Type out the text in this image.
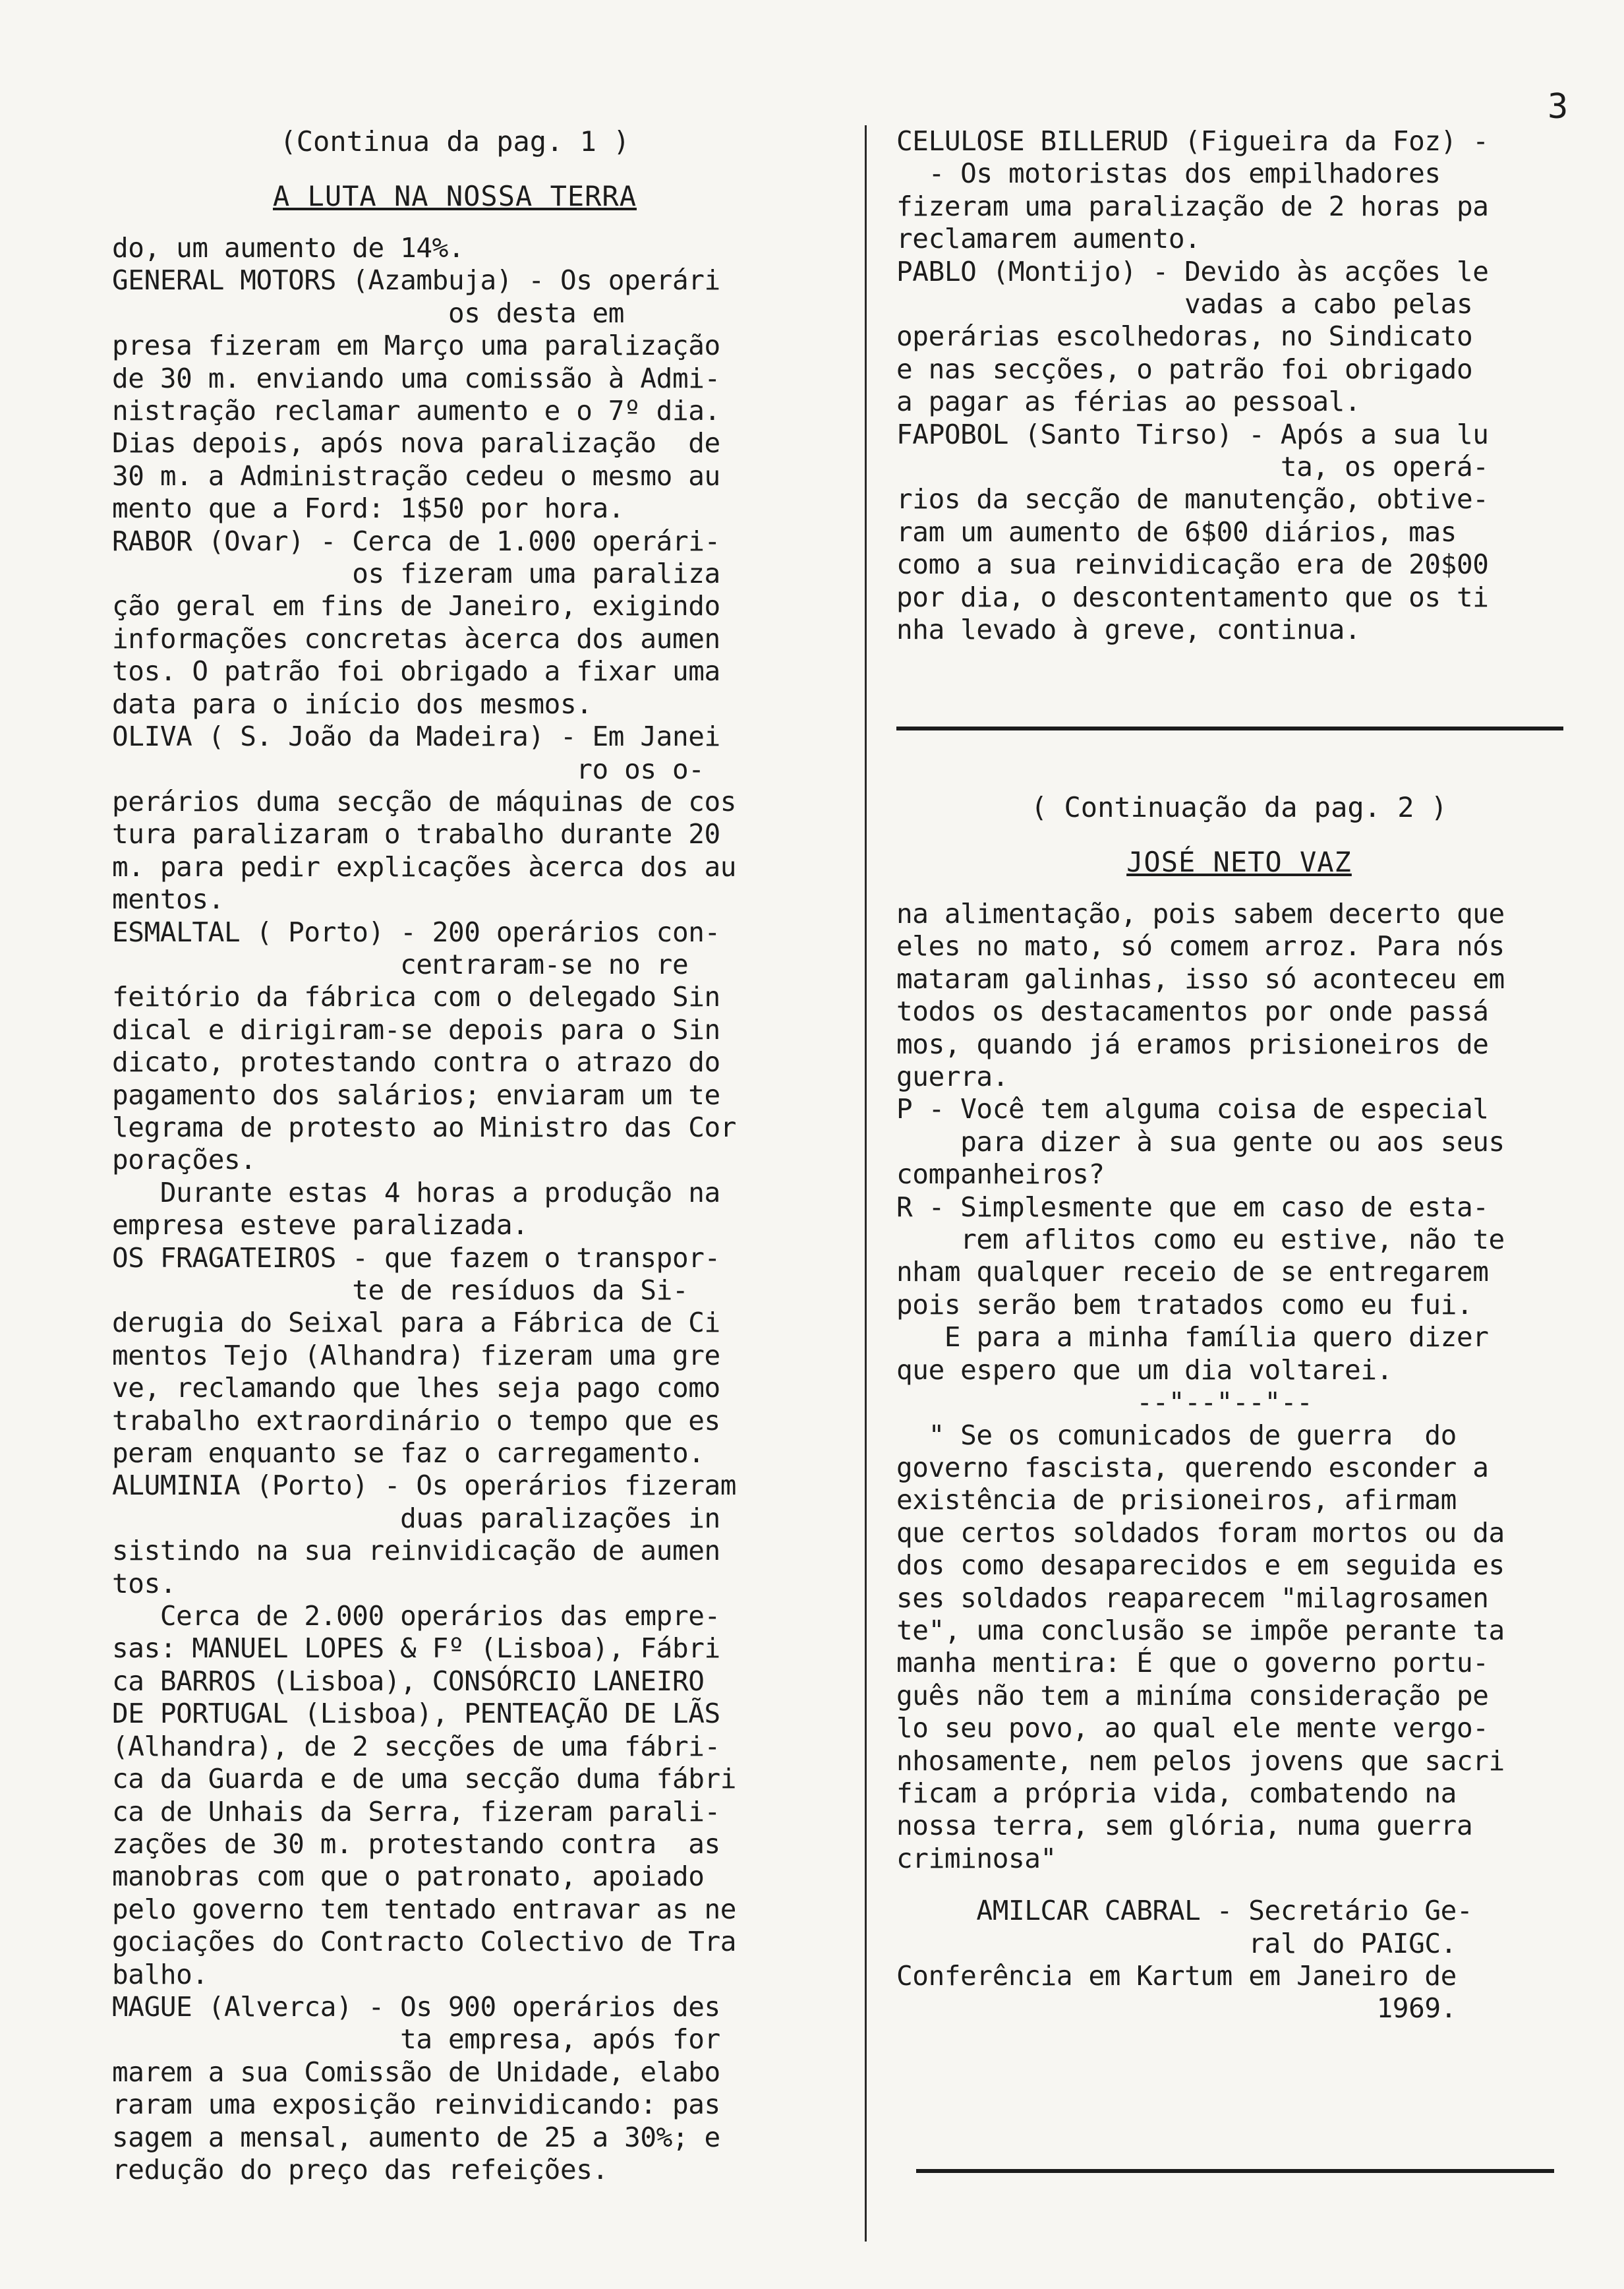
3
(Continua da pag. 1 )
A LUTA NA NOSSA TERRA
do, um aumento de 14%.
GENERAL MOTORS (Azambuja) - Os operári
os desta em
presa fizeram em Março uma paralização
de 30 m. enviando uma comissão à Admi-
nistração reclamar aumento e o 7º dia.
Dias depois, após nova paralização  de
30 m. a Administração cedeu o mesmo au
mento que a Ford: 1$50 por hora.
RABOR (Ovar) - Cerca de 1.000 operári-
os fizeram uma paraliza
ção geral em fins de Janeiro, exigindo
informações concretas àcerca dos aumen
tos. O patrão foi obrigado a fixar uma
data para o início dos mesmos.
OLIVA ( S. João da Madeira) - Em Janei
ro os o-
perários duma secção de máquinas de cos
tura paralizaram o trabalho durante 20
m. para pedir explicações àcerca dos au
mentos.
ESMALTAL ( Porto) - 200 operários con-
centraram-se no re
feitório da fábrica com o delegado Sin
dical e dirigiram-se depois para o Sin
dicato, protestando contra o atrazo do
pagamento dos salários; enviaram um te
legrama de protesto ao Ministro das Cor
porações.
Durante estas 4 horas a produção na
empresa esteve paralizada.
OS FRAGATEIROS - que fazem o transpor-
te de resíduos da Si-
derugia do Seixal para a Fábrica de Ci
mentos Tejo (Alhandra) fizeram uma gre
ve, reclamando que lhes seja pago como
trabalho extraordinário o tempo que es
peram enquanto se faz o carregamento.
ALUMINIA (Porto) - Os operários fizeram
duas paralizações in
sistindo na sua reinvidicação de aumen
tos.
Cerca de 2.000 operários das empre-
sas: MANUEL LOPES & Fº (Lisboa), Fábri
ca BARROS (Lisboa), CONSÓRCIO LANEIRO
DE PORTUGAL (Lisboa), PENTEAÇÃO DE LÃS
(Alhandra), de 2 secções de uma fábri-
ca da Guarda e de uma secção duma fábri
ca de Unhais da Serra, fizeram parali-
zações de 30 m. protestando contra  as
manobras com que o patronato, apoiado
pelo governo tem tentado entravar as ne
gociações do Contracto Colectivo de Tra
balho.
MAGUE (Alverca) - Os 900 operários des
ta empresa, após for
marem a sua Comissão de Unidade, elabo
raram uma exposição reinvidicando: pas
sagem a mensal, aumento de 25 a 30%; e
redução do preço das refeições.
CELULOSE BILLERUD (Figueira da Foz) -
- Os motoristas dos empilhadores
fizeram uma paralização de 2 horas pa
reclamarem aumento.
PABLO (Montijo) - Devido às acções le
vadas a cabo pelas
operárias escolhedoras, no Sindicato
e nas secções, o patrão foi obrigado
a pagar as férias ao pessoal.
FAPOBOL (Santo Tirso) - Após a sua lu
ta, os operá-
rios da secção de manutenção, obtive-
ram um aumento de 6$00 diários, mas
como a sua reinvidicação era de 20$00
por dia, o descontentamento que os ti
nha levado à greve, continua.
( Continuação da pag. 2 )
JOSÉ NETO VAZ
na alimentação, pois sabem decerto que
eles no mato, só comem arroz. Para nós
mataram galinhas, isso só aconteceu em
todos os destacamentos por onde passá
mos, quando já eramos prisioneiros de
guerra.
P - Você tem alguma coisa de especial
para dizer à sua gente ou aos seus
companheiros?
R - Simplesmente que em caso de esta-
rem aflitos como eu estive, não te
nham qualquer receio de se entregarem
pois serão bem tratados como eu fui.
E para a minha família quero dizer
que espero que um dia voltarei.
--"--"--"--
" Se os comunicados de guerra  do
governo fascista, querendo esconder a
existência de prisioneiros, afirmam
que certos soldados foram mortos ou da
dos como desaparecidos e em seguida es
ses soldados reaparecem "milagrosamen
te", uma conclusão se impõe perante ta
manha mentira: É que o governo portu-
guês não tem a miníma consideração pe
lo seu povo, ao qual ele mente vergo-
nhosamente, nem pelos jovens que sacri
ficam a própria vida, combatendo na
nossa terra, sem glória, numa guerra
criminosa"
AMILCAR CABRAL - Secretário Ge-
ral do PAIGC.
Conferência em Kartum em Janeiro de
1969.
